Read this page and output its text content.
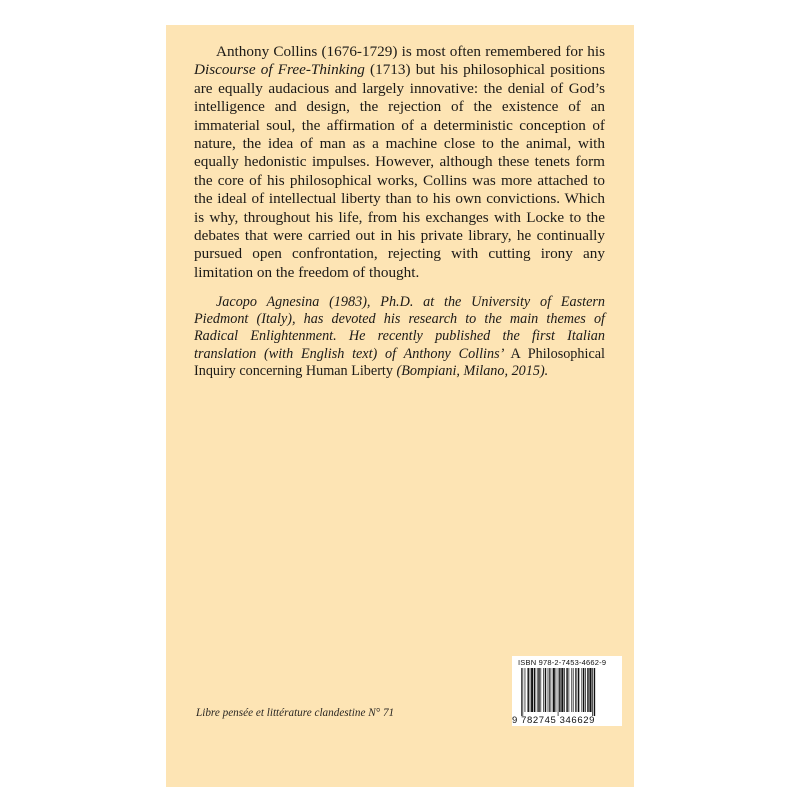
Anthony Collins (1676-1729) is most often remembered for his Discourse of Free-Thinking (1713) but his philosophical positions are equally audacious and largely innovative: the denial of God’s intelligence and design, the rejection of the existence of an immaterial soul, the affirmation of a deterministic conception of nature, the idea of man as a machine close to the animal, with equally hedonistic impulses. However, although these tenets form the core of his philosophical works, Collins was more attached to the ideal of intellectual liberty than to his own convictions. Which is why, throughout his life, from his exchanges with Locke to the debates that were carried out in his private library, he continually pursued open confrontation, rejecting with cutting irony any limitation on the freedom of thought.

Jacopo Agnesina (1983), Ph.D. at the University of Eastern Piedmont (Italy), has devoted his research to the main themes of Radical Enlightenment. He recently published the first Italian translation (with English text) of Anthony Collins’ A Philosophical Inquiry concerning Human Liberty (Bompiani, Milano, 2015).

Libre pensée et littérature clandestine N° 71
ISBN 978-2-7453-4662-9
9 782745 346629
